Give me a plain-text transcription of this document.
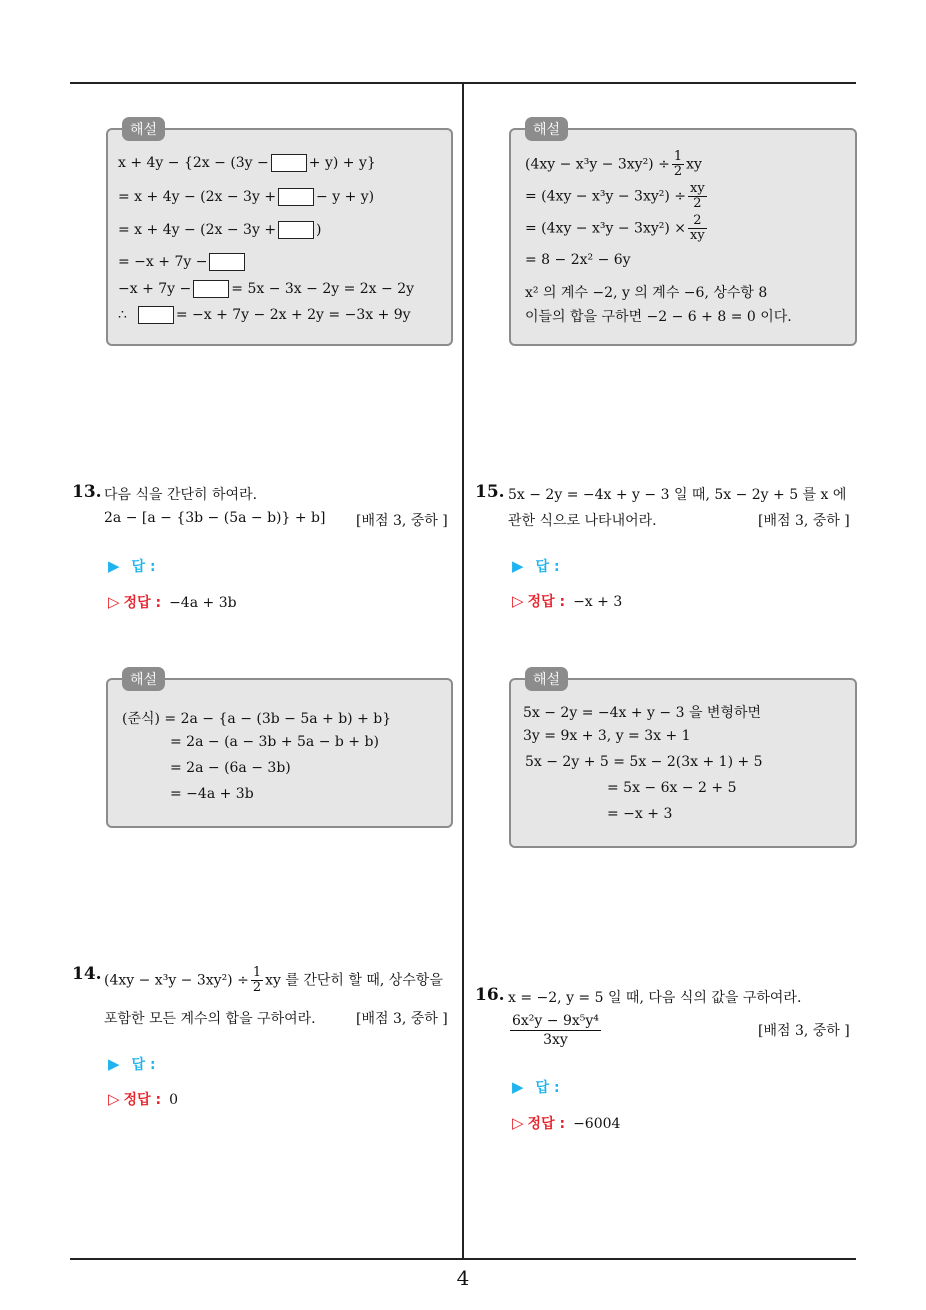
해설
x + 4y − {2x − (3y −	+ y) + y}
= x + 4y − (2x − 3y +	− y + y)
= x + 4y − (2x − 3y +	)
= −x + 7y −
−x + 7y −	= 5x − 3x − 2y = 2x − 2y
∴	= −x + 7y − 2x + 2y = −3x + 9y
해설
$(4xy - x^3y - 3xy^2) \div \frac{1}{2}$ xy
= $(4xy - x^3y - 3xy^2) \div \frac{xy}{2}$
= $(4xy - x^3y - 3xy^2) \times \frac{2}{xy}$
= 8 − 2x² − 6y
x² 의 계수 −2, y 의 계수 −6, 상수항 8
이들의 합을 구하면 −2 − 6 + 8 = 0 이다.
13. 다음 식을 간단히 하여라.
2a − [a − {3b − (5a − b)} + b] [배점 3, 중하 ]
▶ 답 :
▷ 정답 : −4a + 3b
해설
(준식) = 2a − {a − (3b − 5a + b) + b}
= 2a − (a − 3b + 5a − b + b)
= 2a − (6a − 3b)
= −4a + 3b
15. 5x − 2y = −4x + y − 3 일 때, 5x − 2y + 5 를 x 에
관한 식으로 나타내어라.	[배점 3, 중하 ]
▶ 답 :
▷ 정답 : −x + 3
해설
5x − 2y = −4x + y − 3 을 변형하면
3y = 9x + 3, y = 3x + 1
5x − 2y + 5 = 5x − 2(3x + 1) + 5
= 5x − 6x − 2 + 5
= −x + 3
14. $(4xy - x^3y - 3xy^2) \div \frac{1}{2}$ xy 를 간단히 할 때, 상수항을
포함한 모든 계수의 합을 구하여라.	[배점 3, 중하 ]
▶ 답 :
▷ 정답 : 0
16. x = −2, y = 5 일 때, 다음 식의 값을 구하여라.
$\frac{\text{6x²y − 9x⁵y⁴}}{3xy}$	[배점 3, 중하 ]
▶ 답 :
▷ 정답 : −6004
4
